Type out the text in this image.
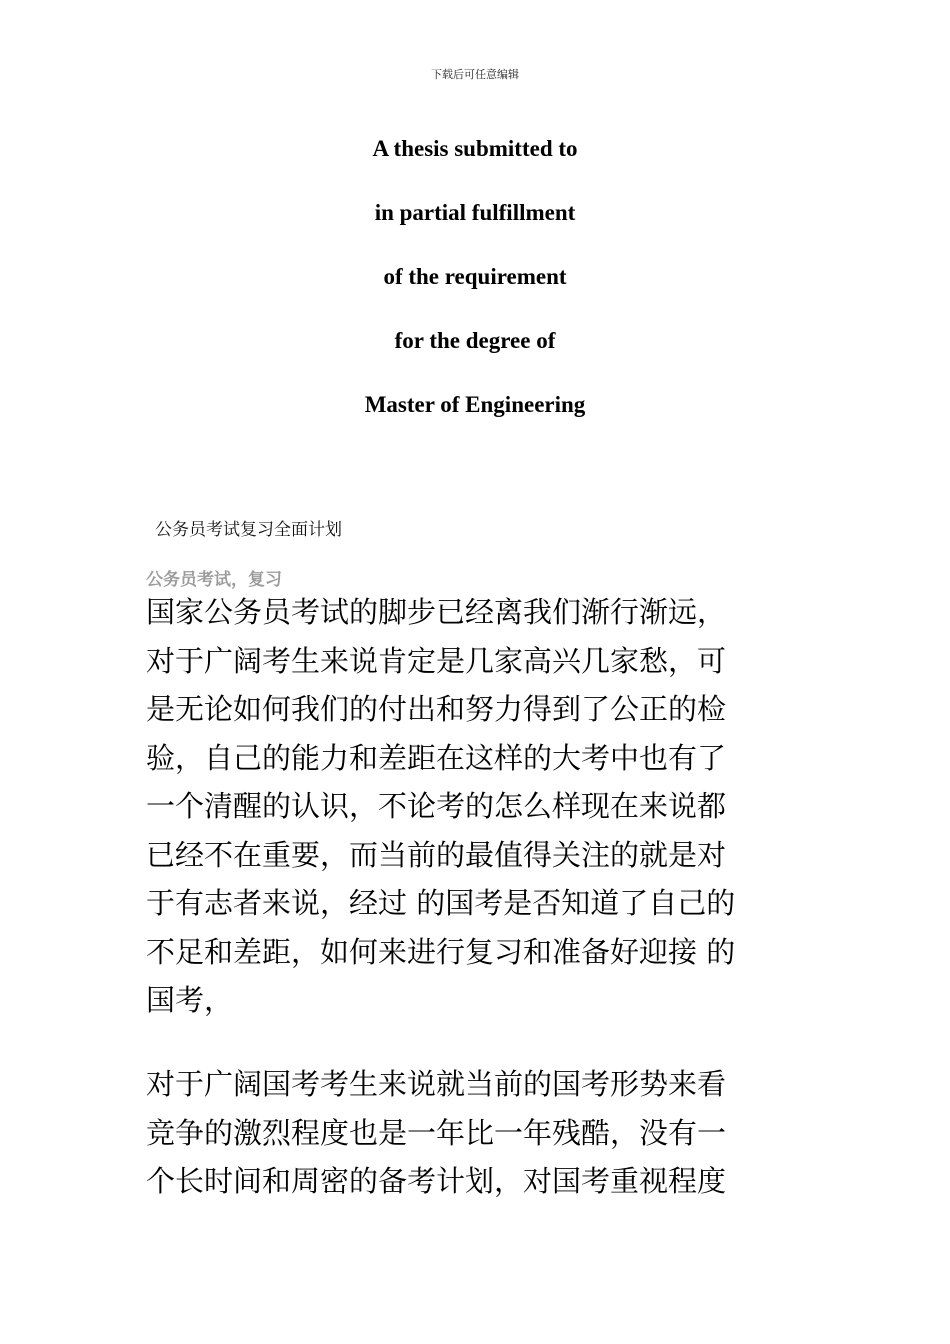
下载后可任意编辑
A thesis submitted to
in partial fulfillment
of the requirement
for the degree of
Master of Engineering
公务员考试复习全面计划
公务员考试，复习

国家公务员考试的脚步已经离我们渐行渐远，
对于广阔考生来说肯定是几家高兴几家愁，可
是无论如何我们的付出和努力得到了公正的检
验，自己的能力和差距在这样的大考中也有了
一个清醒的认识，不论考的怎么样现在来说都
已经不在重要，而当前的最值得关注的就是对
于有志者来说，经过 的国考是否知道了自己的
不足和差距，如何来进行复习和准备好迎接 的
国考，

对于广阔国考考生来说就当前的国考形势来看
竞争的激烈程度也是一年比一年残酷，没有一
个长时间和周密的备考计划，对国考重视程度
